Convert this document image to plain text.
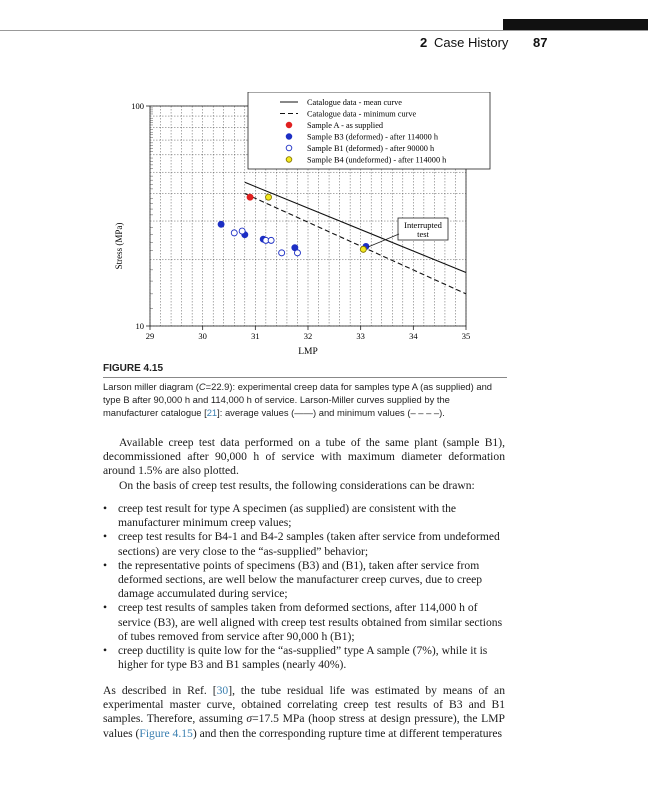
2 Case History 87
29	30	31	32	33	34	35
10
100
Interrupted
test
Catalogue data - mean curve
Catalogue data - minimum curve
Sample A - as supplied
Sample B3 (deformed) - after 114000 h
Sample B1 (deformed) - after 90000 h
Sample B4 (undeformed) - after 114000 h
Stress (MPa)
LMP
FIGURE 4.15
Larson miller diagram (C=22.9): experimental creep data for samples type A (as supplied) and type B after 90,000 h and 114,000 h of service. Larson-Miller curves supplied by the manufacturer catalogue [21]: average values (——) and minimum values (– – – –).

Available creep test data performed on a tube of the same plant (sample B1), decommissioned after 90,000 h of service with maximum diameter deformation around 1.5% are also plotted.

On the basis of creep test results, the following considerations can be drawn:

• creep test result for type A specimen (as supplied) are consistent with the manufacturer minimum creep values;
• creep test results for B4-1 and B4-2 samples (taken after service from undeformed sections) are very close to the “as-supplied” behavior;
• the representative points of specimens (B3) and (B1), taken after service from deformed sections, are well below the manufacturer creep curves, due to creep damage accumulated during service;
• creep test results of samples taken from deformed sections, after 114,000 h of service (B3), are well aligned with creep test results obtained from similar sections of tubes removed from service after 90,000 h (B1);
• creep ductility is quite low for the “as-supplied” type A sample (7%), while it is higher for type B3 and B1 samples (nearly 40%).

As described in Ref. [30], the tube residual life was estimated by means of an experimental master curve, obtained correlating creep test results of B3 and B1 samples. Therefore, assuming σ=17.5 MPa (hoop stress at design pressure), the LMP values (Figure 4.15) and then the corresponding rupture time at different temperatures
